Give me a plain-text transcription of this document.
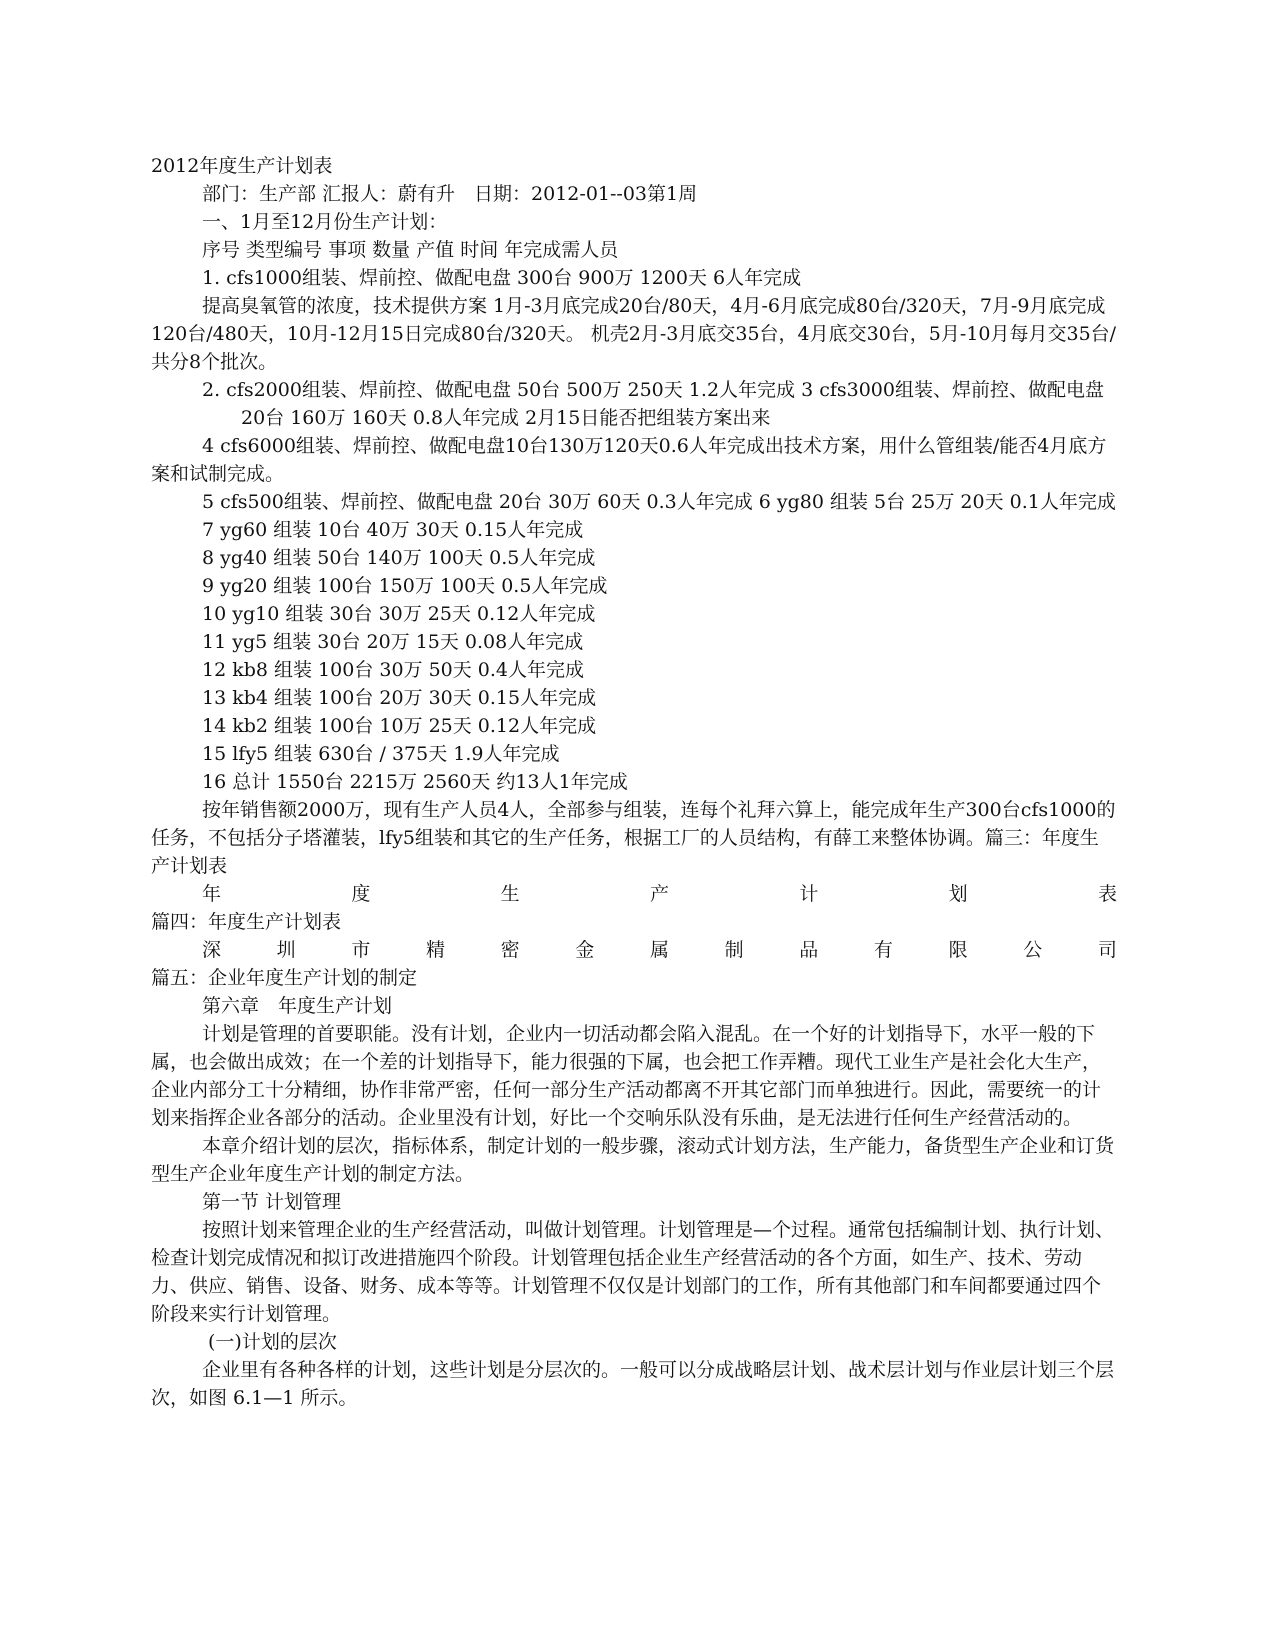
2012年度生产计划表

部门：生产部 汇报人：蔚有升　日期：2012-01--03第1周

一、1月至12月份生产计划：

序号 类型编号 事项 数量 产值 时间 年完成需人员

1. cfs1000组装、焊前控、做配电盘 300台 900万 1200天 6人年完成

提高臭氧管的浓度，技术提供方案 1月-3月底完成20台/80天，4月-6月底完成80台/320天，7月-9月底完成120台/480天，10月-12月15日完成80台/320天。 机壳2月-3月底交35台，4月底交30台，5月-10月每月交35台/共分8个批次。

2. cfs2000组装、焊前控、做配电盘 50台 500万 250天 1.2人年完成 3 cfs3000组装、焊前控、做配电盘 20台 160万 160天 0.8人年完成 2月15日能否把组装方案出来

4 cfs6000组装、焊前控、做配电盘10台130万120天0.6人年完成出技术方案，用什么管组装/能否4月底方案和试制完成。

5 cfs500组装、焊前控、做配电盘 20台 30万 60天 0.3人年完成 6 yg80 组装 5台 25万 20天 0.1人年完成

7 yg60 组装 10台 40万 30天 0.15人年完成

8 yg40 组装 50台 140万 100天 0.5人年完成

9 yg20 组装 100台 150万 100天 0.5人年完成

10 yg10 组装 30台 30万 25天 0.12人年完成

11 yg5 组装 30台 20万 15天 0.08人年完成

12 kb8 组装 100台 30万 50天 0.4人年完成

13 kb4 组装 100台 20万 30天 0.15人年完成

14 kb2 组装 100台 10万 25天 0.12人年完成

15 lfy5 组装 630台 / 375天 1.9人年完成

16 总计 1550台 2215万 2560天 约13人1年完成

按年销售额2000万，现有生产人员4人，全部参与组装，连每个礼拜六算上，能完成年生产300台cfs1000的任务，不包括分子塔灌装，lfy5组装和其它的生产任务，根据工厂的人员结构，有薛工来整体协调。篇三：年度生产计划表

年	度	生	产	计	划	表

篇四：年度生产计划表

深	圳	市	精	密	金	属	制	品	有	限	公	司

篇五：企业年度生产计划的制定

第六章　年度生产计划

计划是管理的首要职能。没有计划，企业内一切活动都会陷入混乱。在一个好的计划指导下，水平一般的下属，也会做出成效；在一个差的计划指导下，能力很强的下属，也会把工作弄糟。现代工业生产是社会化大生产，企业内部分工十分精细，协作非常严密，任何一部分生产活动都离不开其它部门而单独进行。因此，需要统一的计划来指挥企业各部分的活动。企业里没有计划，好比一个交响乐队没有乐曲，是无法进行任何生产经营活动的。

本章介绍计划的层次，指标体系，制定计划的一般步骤，滚动式计划方法，生产能力，备货型生产企业和订货型生产企业年度生产计划的制定方法。

第一节 计划管理

按照计划来管理企业的生产经营活动，叫做计划管理。计划管理是—个过程。通常包括编制计划、执行计划、检查计划完成情况和拟订改进措施四个阶段。计划管理包括企业生产经营活动的各个方面，如生产、技术、劳动力、供应、销售、设备、财务、成本等等。计划管理不仅仅是计划部门的工作，所有其他部门和车间都要通过四个阶段来实行计划管理。

(一)计划的层次

企业里有各种各样的计划，这些计划是分层次的。一般可以分成战略层计划、战术层计划与作业层计划三个层次，如图 6.1—1 所示。
